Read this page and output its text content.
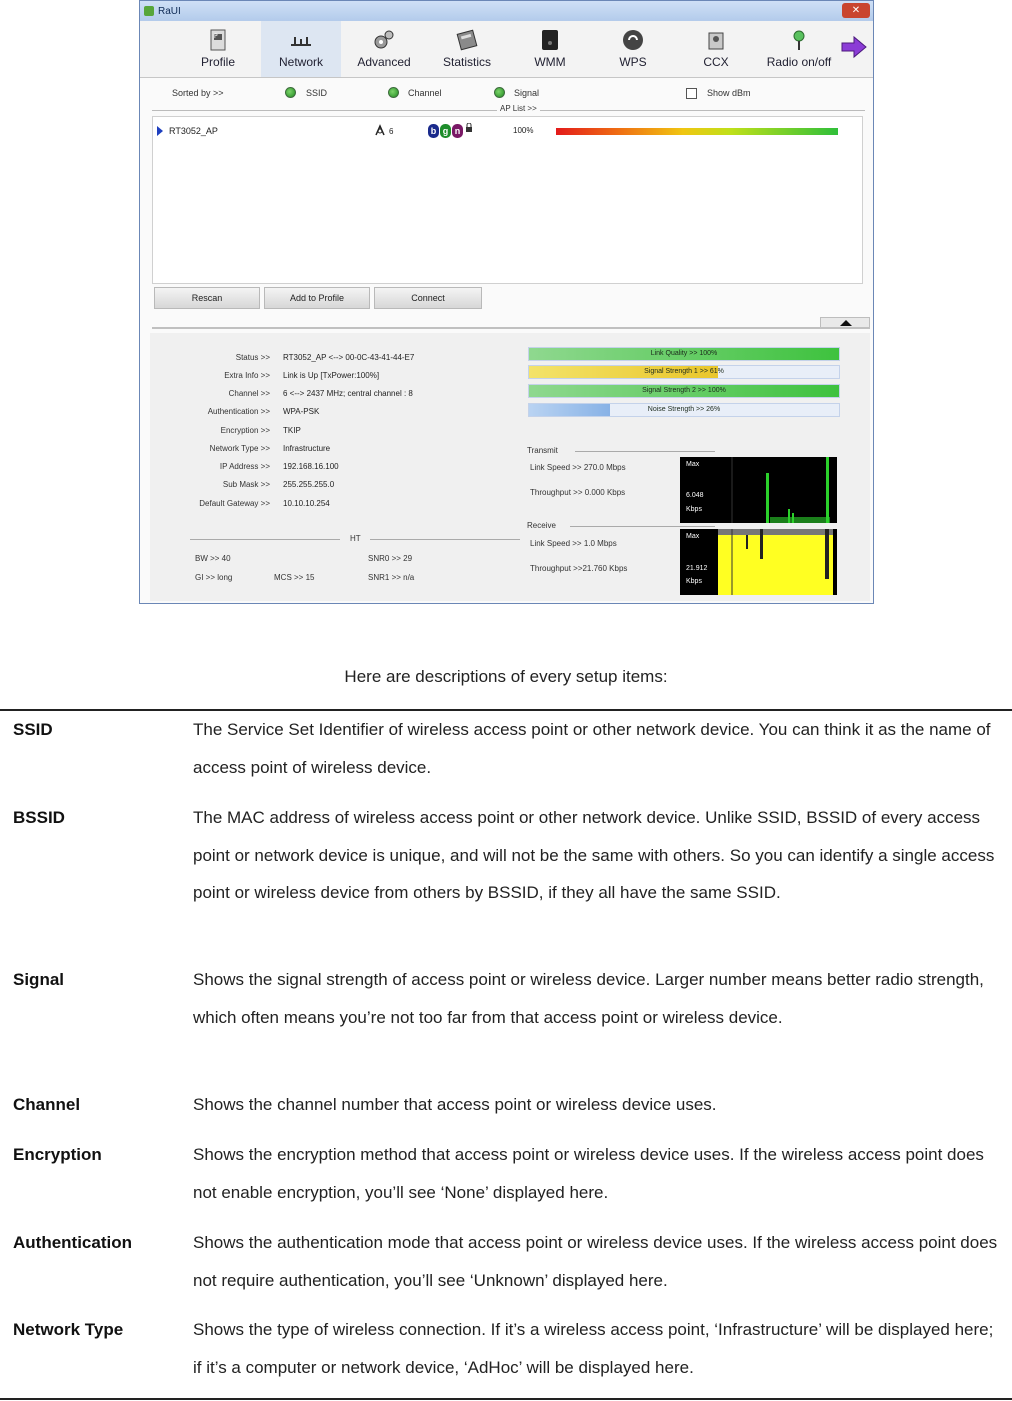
RaUI	✕
P
Profile	Network	Advanced	Statistics	WMM	WPS	CCX	Radio on/off
Sorted by >>	SSID	Channel	Signal	Show dBm
AP List >>
RT3052_AP	6	b g n	100%
Rescan	Add to Profile	Connect
Status >> RT3052_AP <--> 00-0C-43-41-44-E7
Extra Info >> Link is Up [TxPower:100%]
Channel >> 6 <--> 2437 MHz; central channel : 8
Authentication >> WPA-PSK
Encryption >> TKIP
Network Type >> Infrastructure
IP Address >> 192.168.16.100
Sub Mask >> 255.255.255.0
Default Gateway >> 10.10.10.254
HT
BW >> 40
GI >> long	MCS >> 15
SNR0 >> 29
SNR1 >> n/a
Link Quality >> 100%
Signal Strength 1 >> 61%
Signal Strength 2 >> 100%
Noise Strength >> 26%
Transmit
Link Speed >> 270.0 Mbps
Throughput >> 0.000 Kbps
Max
6.048
Kbps
Receive
Link Speed >> 1.0 Mbps
Throughput >>21.760 Kbps
Max
21.912
Kbps
Here are descriptions of every setup items:
SSID	The Service Set Identifier of wireless access point or other network device. You can think it as the name of access point of wireless device.
BSSID	The MAC address of wireless access point or other network device. Unlike SSID, BSSID of every access point or network device is unique, and will not be the same with others. So you can identify a single access point or wireless device from others by BSSID, if they all have the same SSID.
Signal	Shows the signal strength of access point or wireless device. Larger number means better radio strength, which often means you’re not too far from that access point or wireless device.
Channel	Shows the channel number that access point or wireless device uses.
Encryption	Shows the encryption method that access point or wireless device uses. If the wireless access point does not enable encryption, you’ll see ‘None’ displayed here.
Authentication	Shows the authentication mode that access point or wireless device uses. If the wireless access point does not require authentication, you’ll see ‘Unknown’ displayed here.
Network Type	Shows the type of wireless connection. If it’s a wireless access point, ‘Infrastructure’ will be displayed here; if it’s a computer or network device, ‘AdHoc’ will be displayed here.
